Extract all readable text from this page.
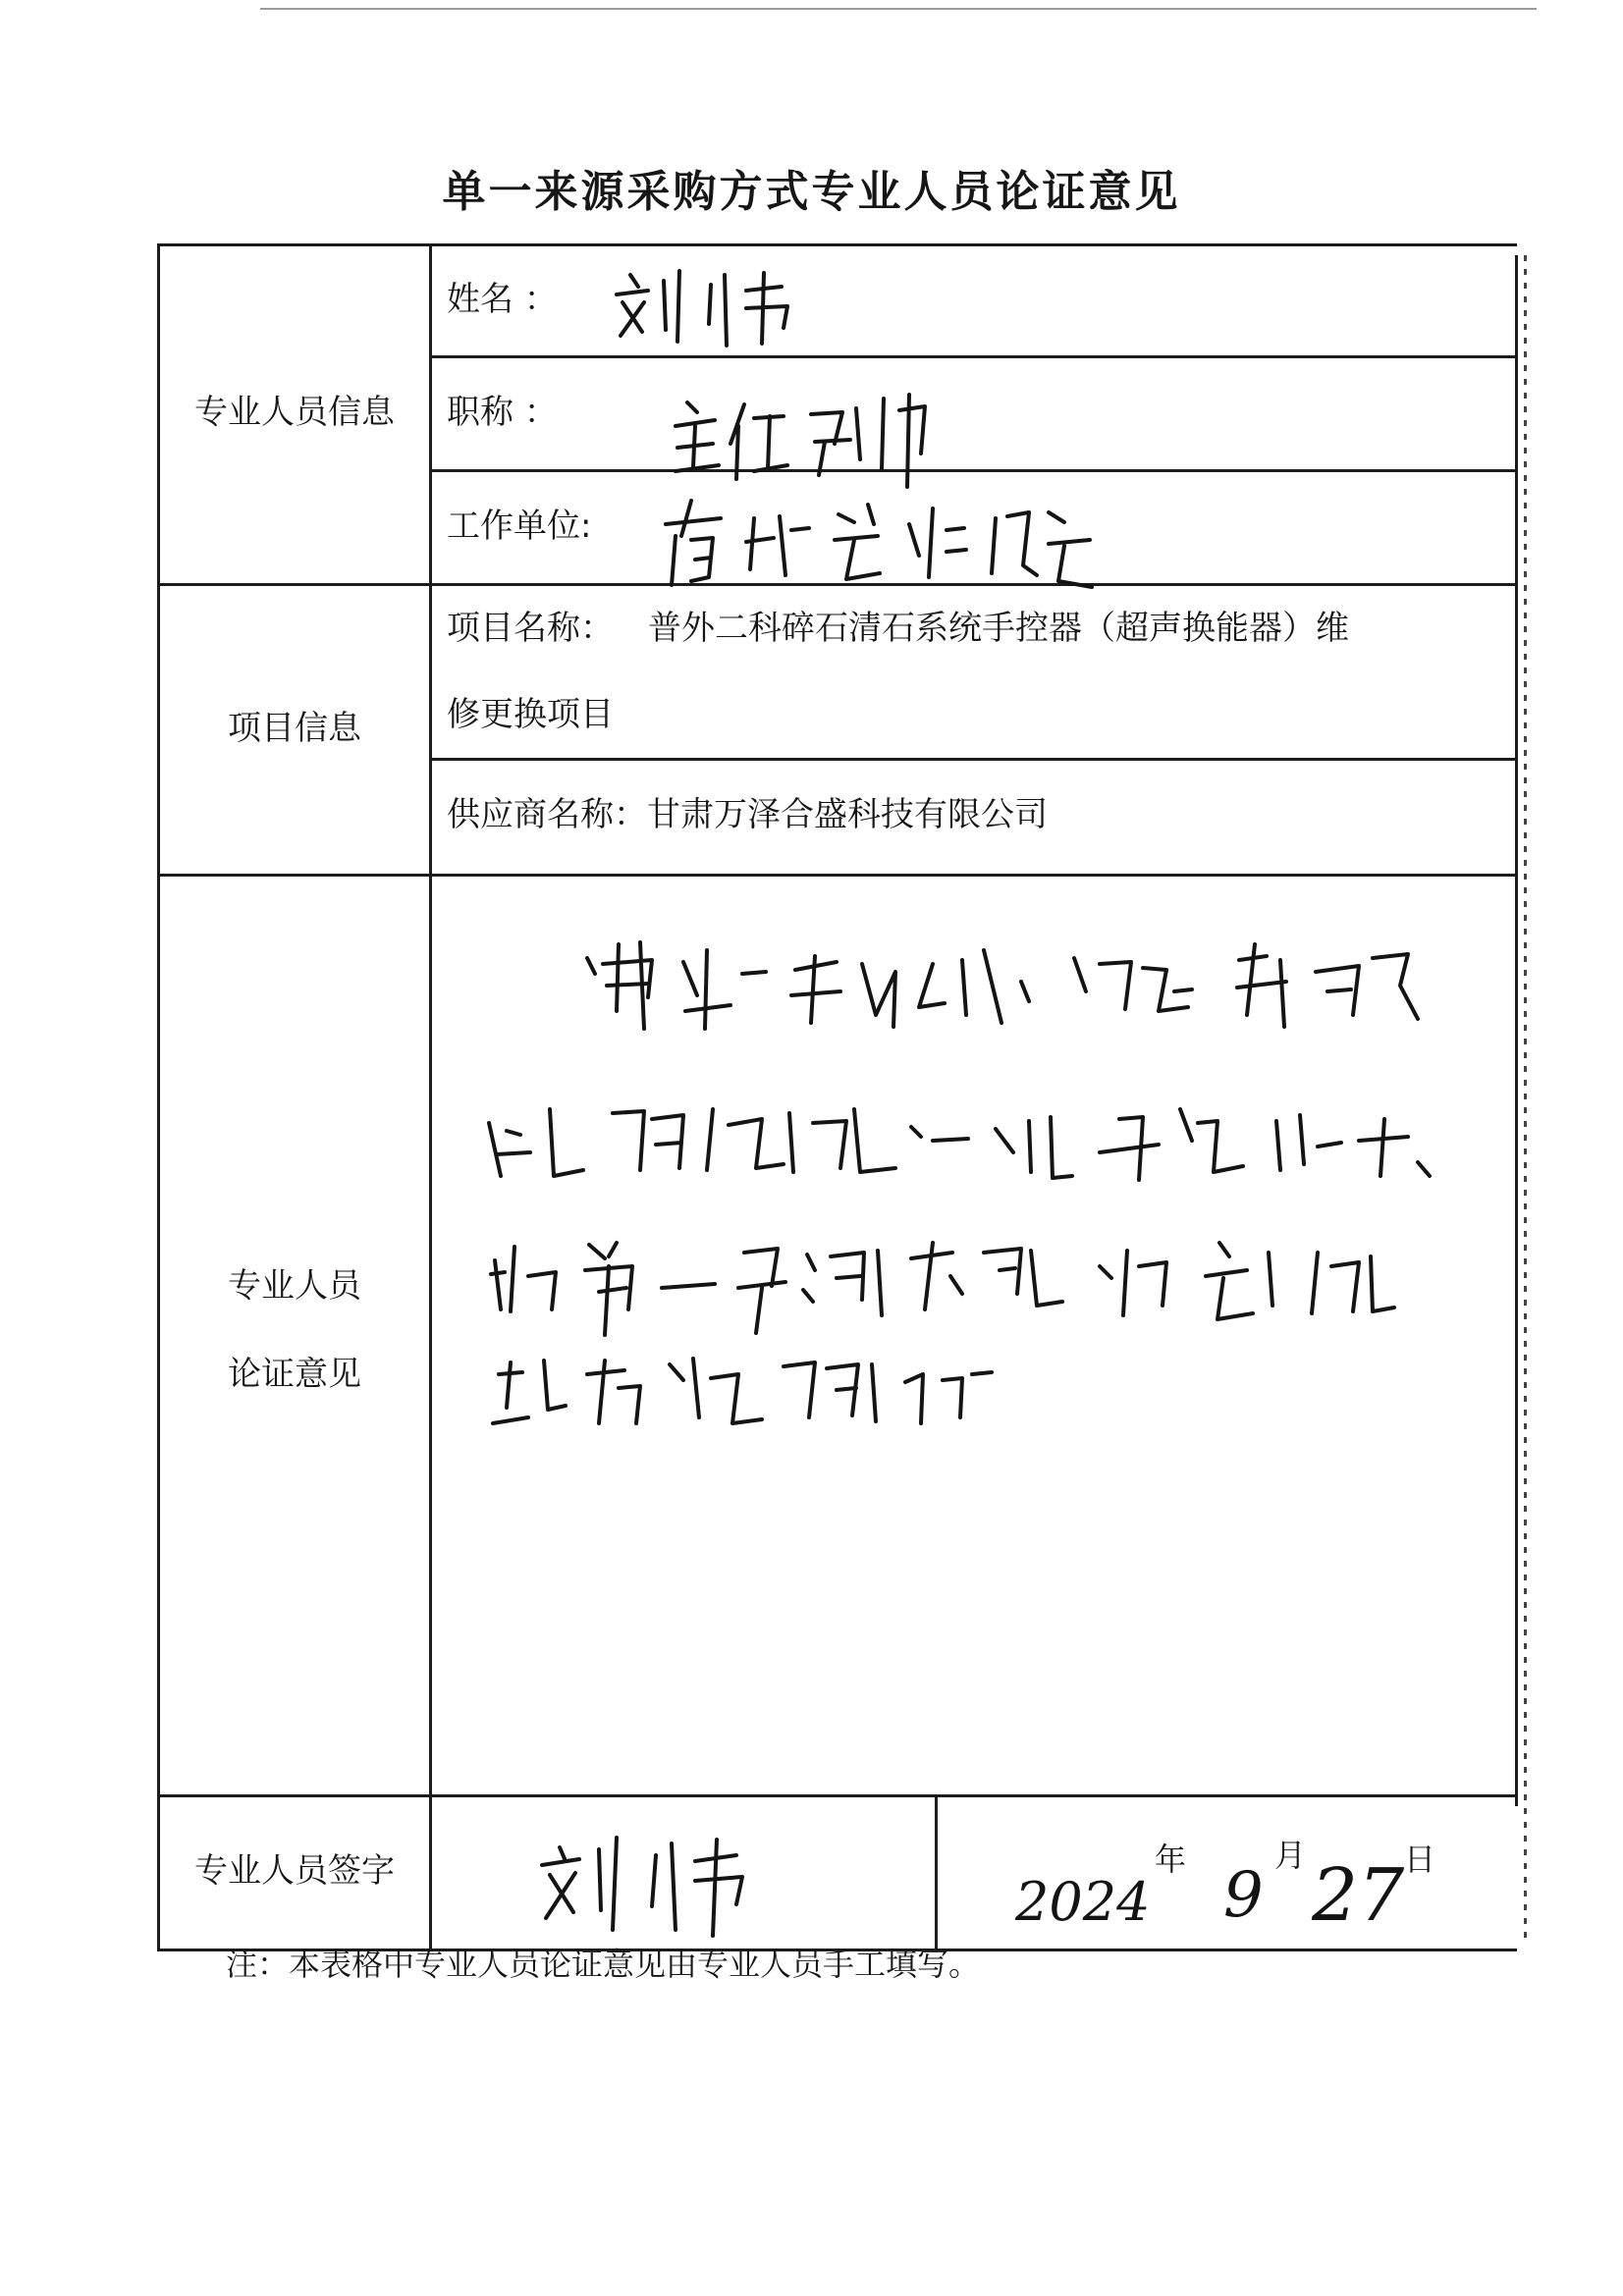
单一来源采购方式专业人员论证意见
专业人员信息
项目信息
专业人员
论证意见
专业人员签字
姓名 ：
职称 ：
工作单位:
项目名称： 普外二科碎石清石系统手控器（超声换能器）维
修更换项目
供应商名称： 甘肃万泽合盛科技有限公司
2024
年 9
月 27 日
注：本表格中专业人员论证意见由专业人员手工填写。
